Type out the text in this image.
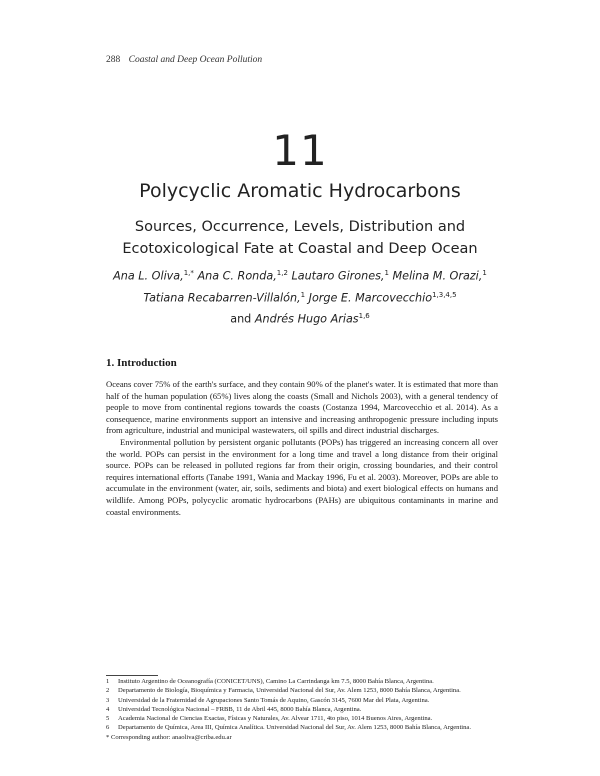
288 Coastal and Deep Ocean Pollution
11
Polycyclic Aromatic Hydrocarbons
Sources, Occurrence, Levels, Distribution and
Ecotoxicological Fate at Coastal and Deep Ocean
Ana L. Oliva,$^{1,*}$ Ana C. Ronda,$^{1,2}$ Lautaro Girones,$^1$ Melina M. Orazi,$^1$
Tatiana Recabarren-Villalón,$^1$ Jorge E. Marcovecchio$^{1,3,4,5}$
and Andrés Hugo Arias$^{1,6}$
1. Introduction

Oceans cover 75% of the earth's surface, and they contain 90% of the planet's water. It is estimated that more than half of the human population (65%) lives along the coasts (Small and Nichols 2003), with a general tendency of people to move from continental regions towards the coasts (Costanza 1994, Marcovecchio et al. 2014). As a consequence, marine environments support an intensive and increasing anthropogenic pressure including inputs from agriculture, industrial and municipal wastewaters, oil spills and direct industrial discharges.

Environmental pollution by persistent organic pollutants (POPs) has triggered an increasing concern all over the world. POPs can persist in the environment for a long time and travel a long distance from their original source. POPs can be released in polluted regions far from their origin, crossing boundaries, and their control requires international efforts (Tanabe 1991, Wania and Mackay 1996, Fu et al. 2003). Moreover, POPs are able to accumulate in the environment (water, air, soils, sediments and biota) and exert biological effects on humans and wildlife. Among POPs, polycyclic aromatic hydrocarbons (PAHs) are ubiquitous contaminants in marine and coastal environments.

1	Instituto Argentino de Oceanografía (CONICET/UNS), Camino La Carrindanga km 7.5, 8000 Bahía Blanca, Argentina.
2	Departamento de Biología, Bioquímica y Farmacia, Universidad Nacional del Sur, Av. Alem 1253, 8000 Bahía Blanca, Argentina.
3	Universidad de la Fraternidad de Agrupaciones Santo Tomás de Aquino, Gascón 3145, 7600 Mar del Plata, Argentina.
4	Universidad Tecnológica Nacional – FRBB, 11 de Abril 445, 8000 Bahía Blanca, Argentina.
5	Academia Nacional de Ciencias Exactas, Físicas y Naturales, Av. Alvear 1711, 4to piso, 1014 Buenos Aires, Argentina.
6	Departamento de Química, Area III, Química Analítica. Universidad Nacional del Sur, Av. Alem 1253, 8000 Bahía Blanca, Argentina.
* Corresponding author: anaoliva@criba.edu.ar
